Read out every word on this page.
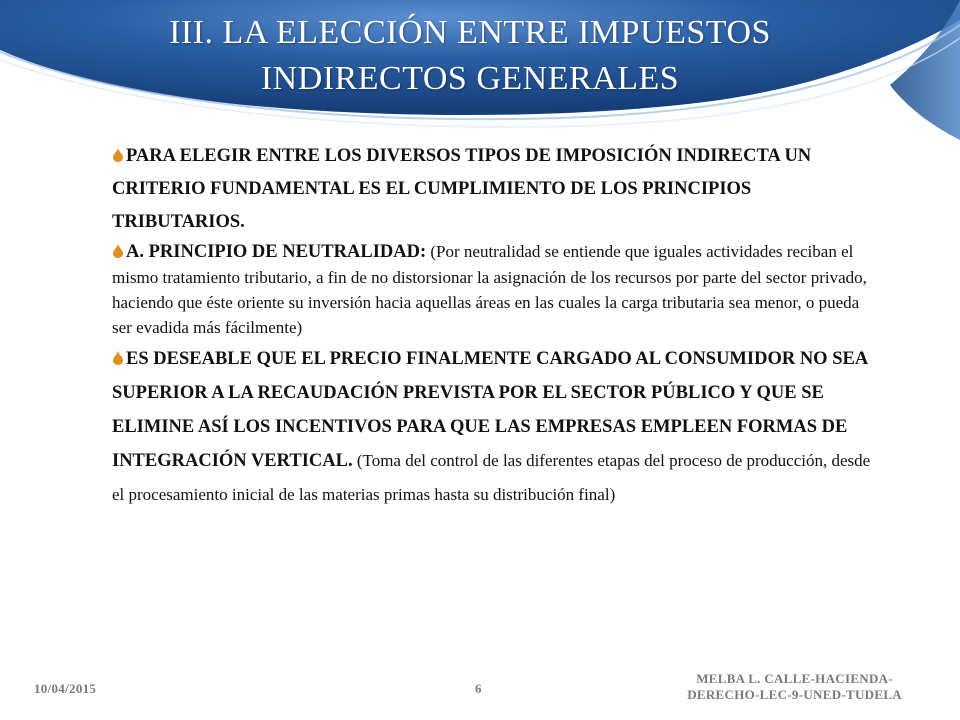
III. LA ELECCIÓN ENTRE IMPUESTOS
INDIRECTOS GENERALES

PARA ELEGIR ENTRE LOS DIVERSOS TIPOS DE IMPOSICIÓN INDIRECTA UN CRITERIO FUNDAMENTAL ES EL CUMPLIMIENTO DE LOS PRINCIPIOS TRIBUTARIOS.

A. PRINCIPIO DE NEUTRALIDAD: (Por neutralidad se entiende que iguales actividades reciban el mismo tratamiento tributario, a fin de no distorsionar la asignación de los recursos por parte del sector privado, haciendo que éste oriente su inversión hacia aquellas áreas en las cuales la carga tributaria sea menor, o pueda ser evadida más fácilmente)

ES DESEABLE QUE EL PRECIO FINALMENTE CARGADO AL CONSUMIDOR NO SEA SUPERIOR A LA RECAUDACIÓN PREVISTA POR EL SECTOR PÚBLICO Y QUE SE ELIMINE ASÍ LOS INCENTIVOS PARA QUE LAS EMPRESAS EMPLEEN FORMAS DE INTEGRACIÓN VERTICAL. (Toma del control de las diferentes etapas del proceso de producción, desde el procesamiento inicial de las materias primas hasta su distribución final)

10/04/2015	6
MELBA L. CALLE-HACIENDA-
DERECHO-LEC-9-UNED-TUDELA
